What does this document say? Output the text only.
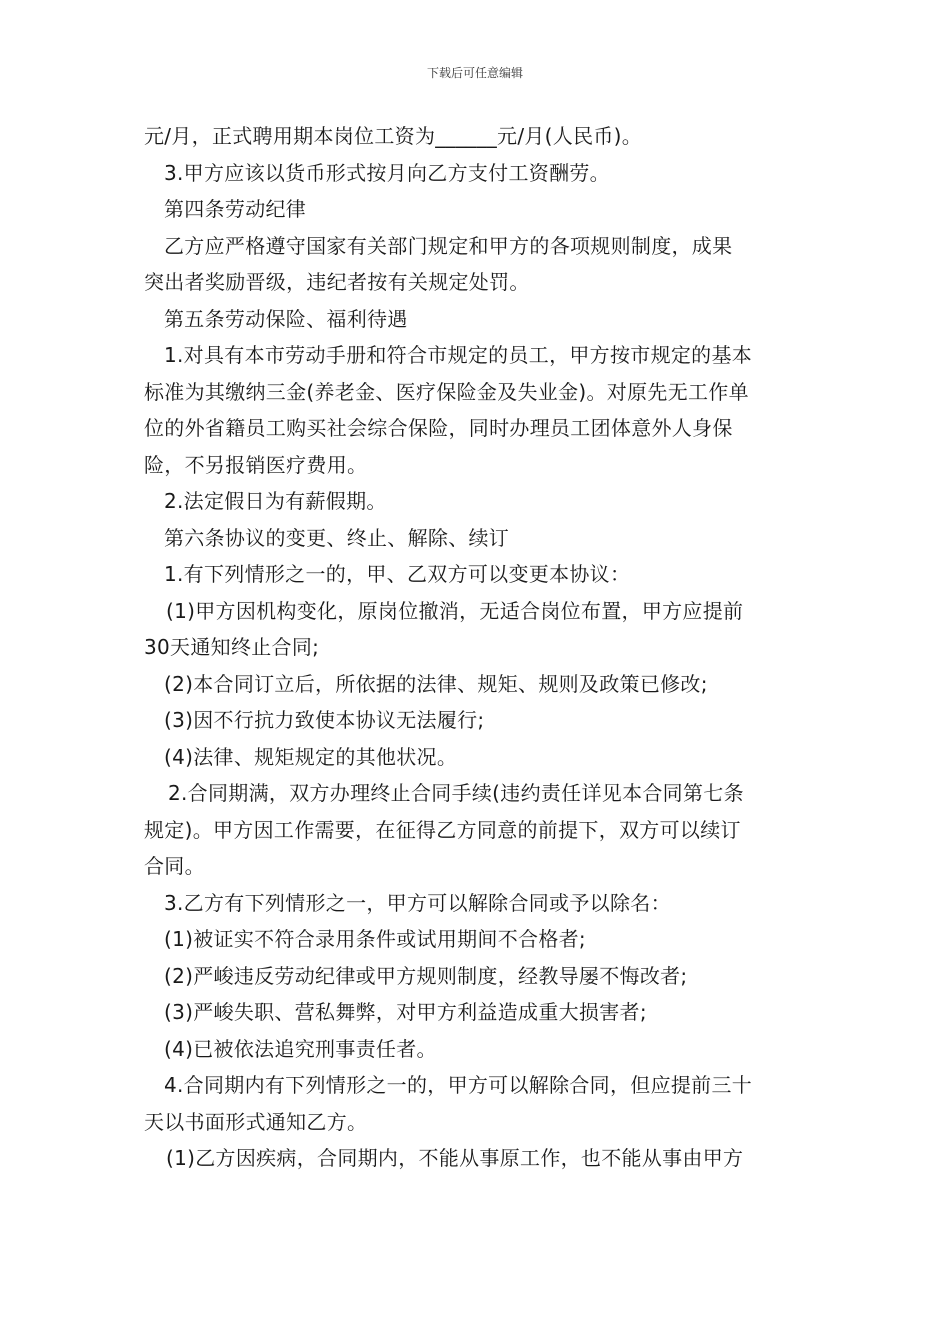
下载后可任意编辑
元/月，正式聘用期本岗位工资为______元/月(人民币)。
3.甲方应该以货币形式按月向乙方支付工资酬劳。
第四条劳动纪律
乙方应严格遵守国家有关部门规定和甲方的各项规则制度，成果
突出者奖励晋级，违纪者按有关规定处罚。
第五条劳动保险、福利待遇
1.对具有本市劳动手册和符合市规定的员工，甲方按市规定的基本
标准为其缴纳三金(养老金、医疗保险金及失业金)。对原先无工作单
位的外省籍员工购买社会综合保险，同时办理员工团体意外人身保
险，不另报销医疗费用。
2.法定假日为有薪假期。
第六条协议的变更、终止、解除、续订
1.有下列情形之一的，甲、乙双方可以变更本协议：
(1)甲方因机构变化，原岗位撤消，无适合岗位布置，甲方应提前
30天通知终止合同;
(2)本合同订立后，所依据的法律、规矩、规则及政策已修改;
(3)因不行抗力致使本协议无法履行;
(4)法律、规矩规定的其他状况。
2.合同期满，双方办理终止合同手续(违约责任详见本合同第七条
规定)。甲方因工作需要，在征得乙方同意的前提下，双方可以续订
合同。
3.乙方有下列情形之一，甲方可以解除合同或予以除名：
(1)被证实不符合录用条件或试用期间不合格者;
(2)严峻违反劳动纪律或甲方规则制度，经教导屡不悔改者;
(3)严峻失职、营私舞弊，对甲方利益造成重大损害者;
(4)已被依法追究刑事责任者。
4.合同期内有下列情形之一的，甲方可以解除合同，但应提前三十
天以书面形式通知乙方。
(1)乙方因疾病，合同期内，不能从事原工作，也不能从事由甲方
